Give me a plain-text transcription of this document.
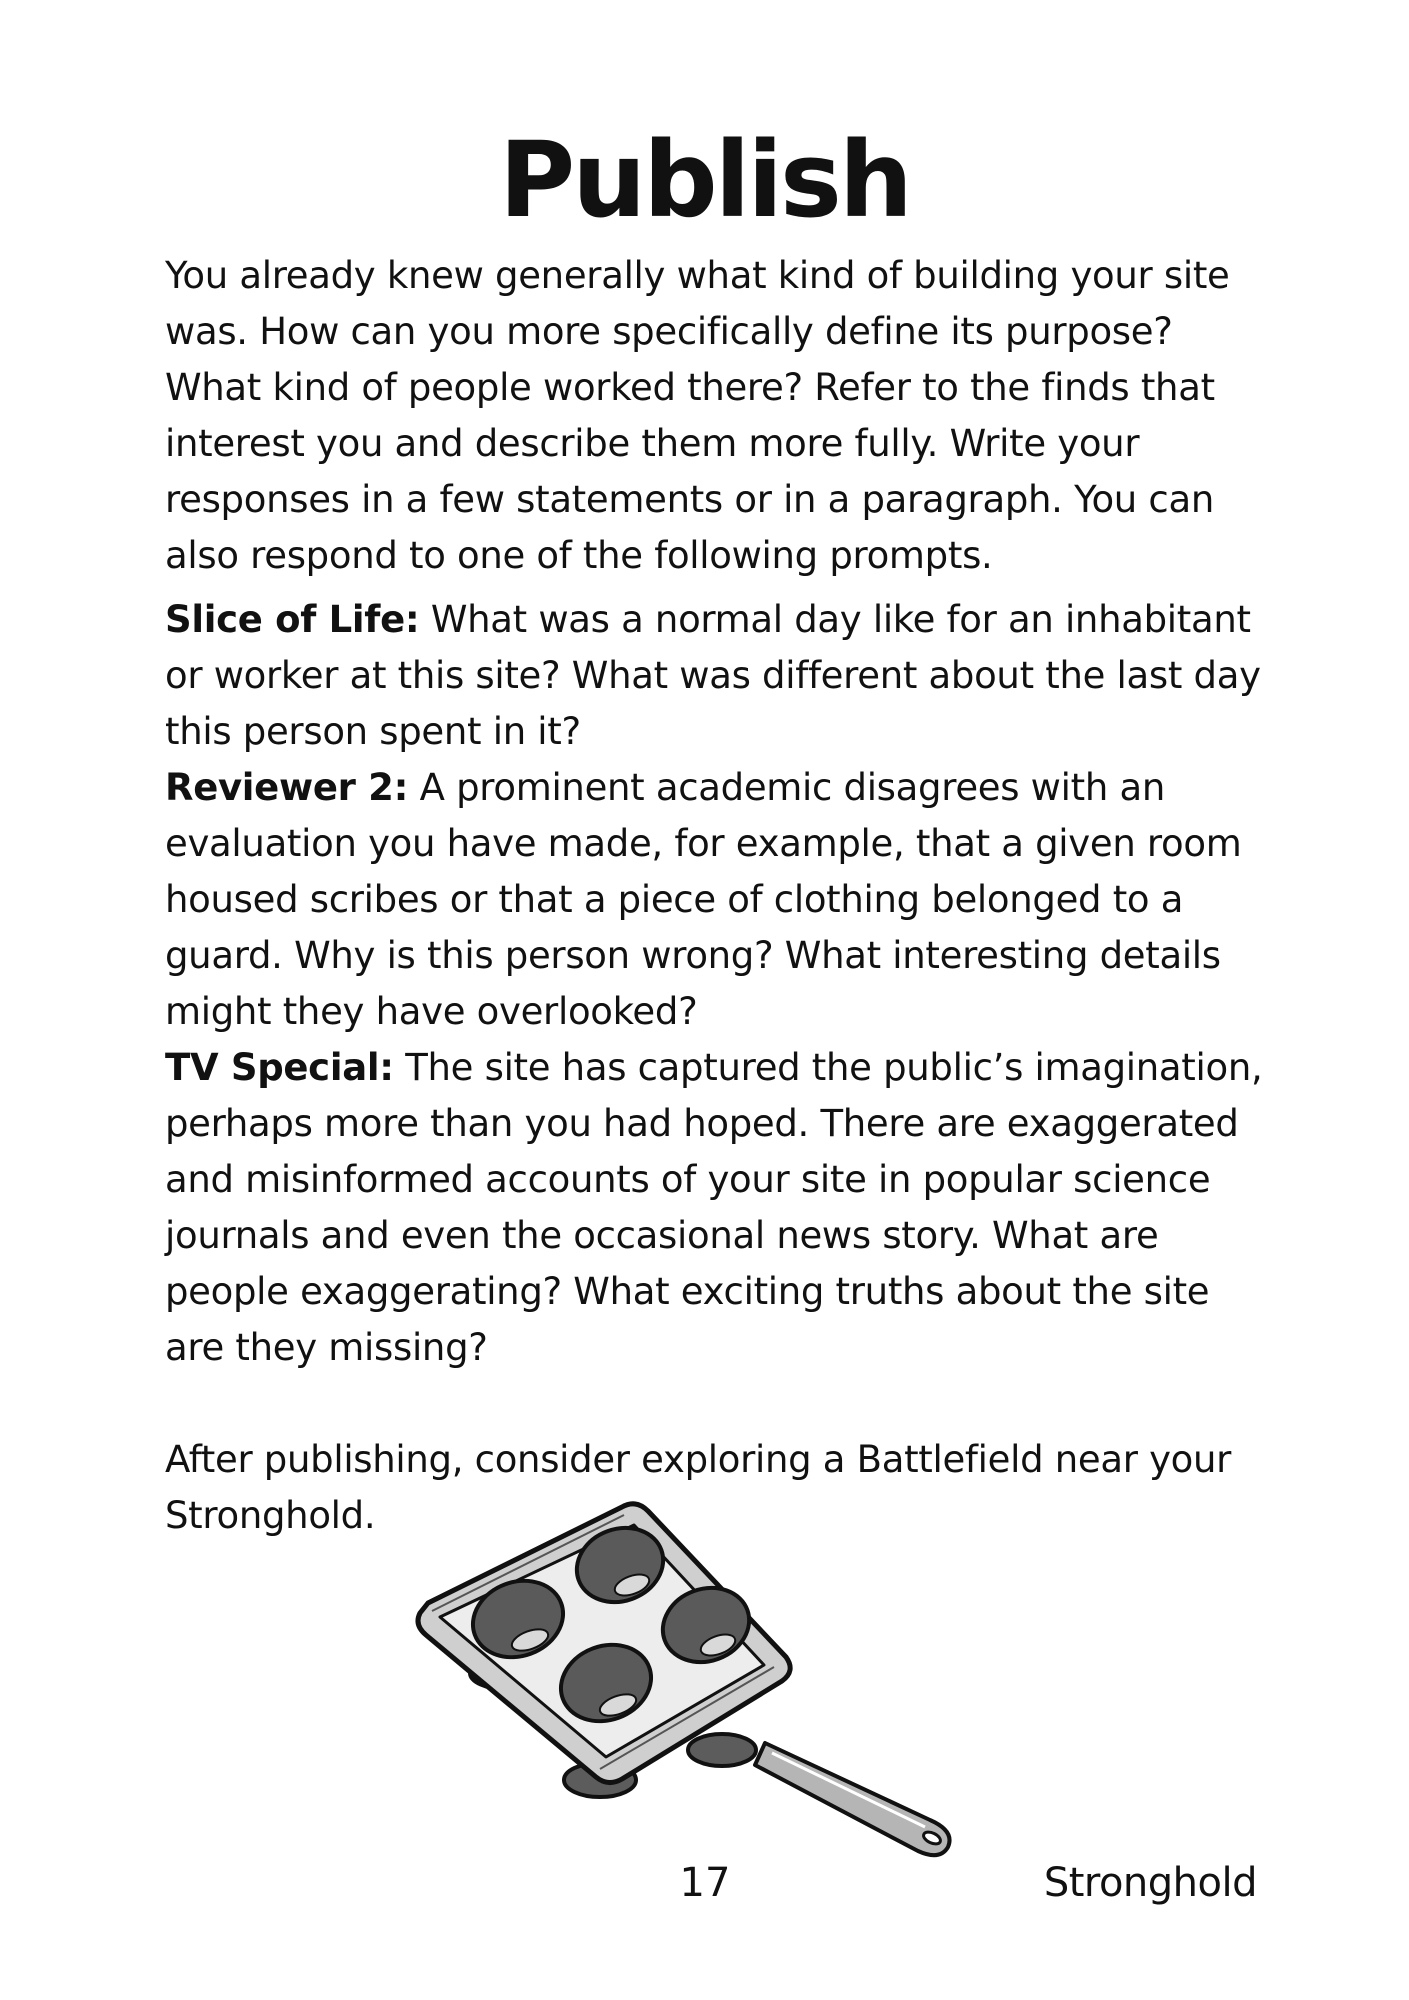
Publish

You already knew generally what kind of building your site was. How can you more specifically define its purpose? What kind of people worked there? Refer to the finds that interest you and describe them more fully. Write your responses in a few statements or in a paragraph. You can also respond to one of the following prompts.

Slice of Life: What was a normal day like for an inhabitant or worker at this site? What was different about the last day this person spent in it?

Reviewer 2: A prominent academic disagrees with an evaluation you have made, for example, that a given room housed scribes or that a piece of clothing belonged to a guard. Why is this person wrong? What interesting details might they have overlooked?

TV Special: The site has captured the public’s imagination, perhaps more than you had hoped. There are exaggerated and misinformed accounts of your site in popular science journals and even the occasional news story. What are people exaggerating? What exciting truths about the site are they missing?

After publishing, consider exploring a Battlefield near your Stronghold.

17	Stronghold
